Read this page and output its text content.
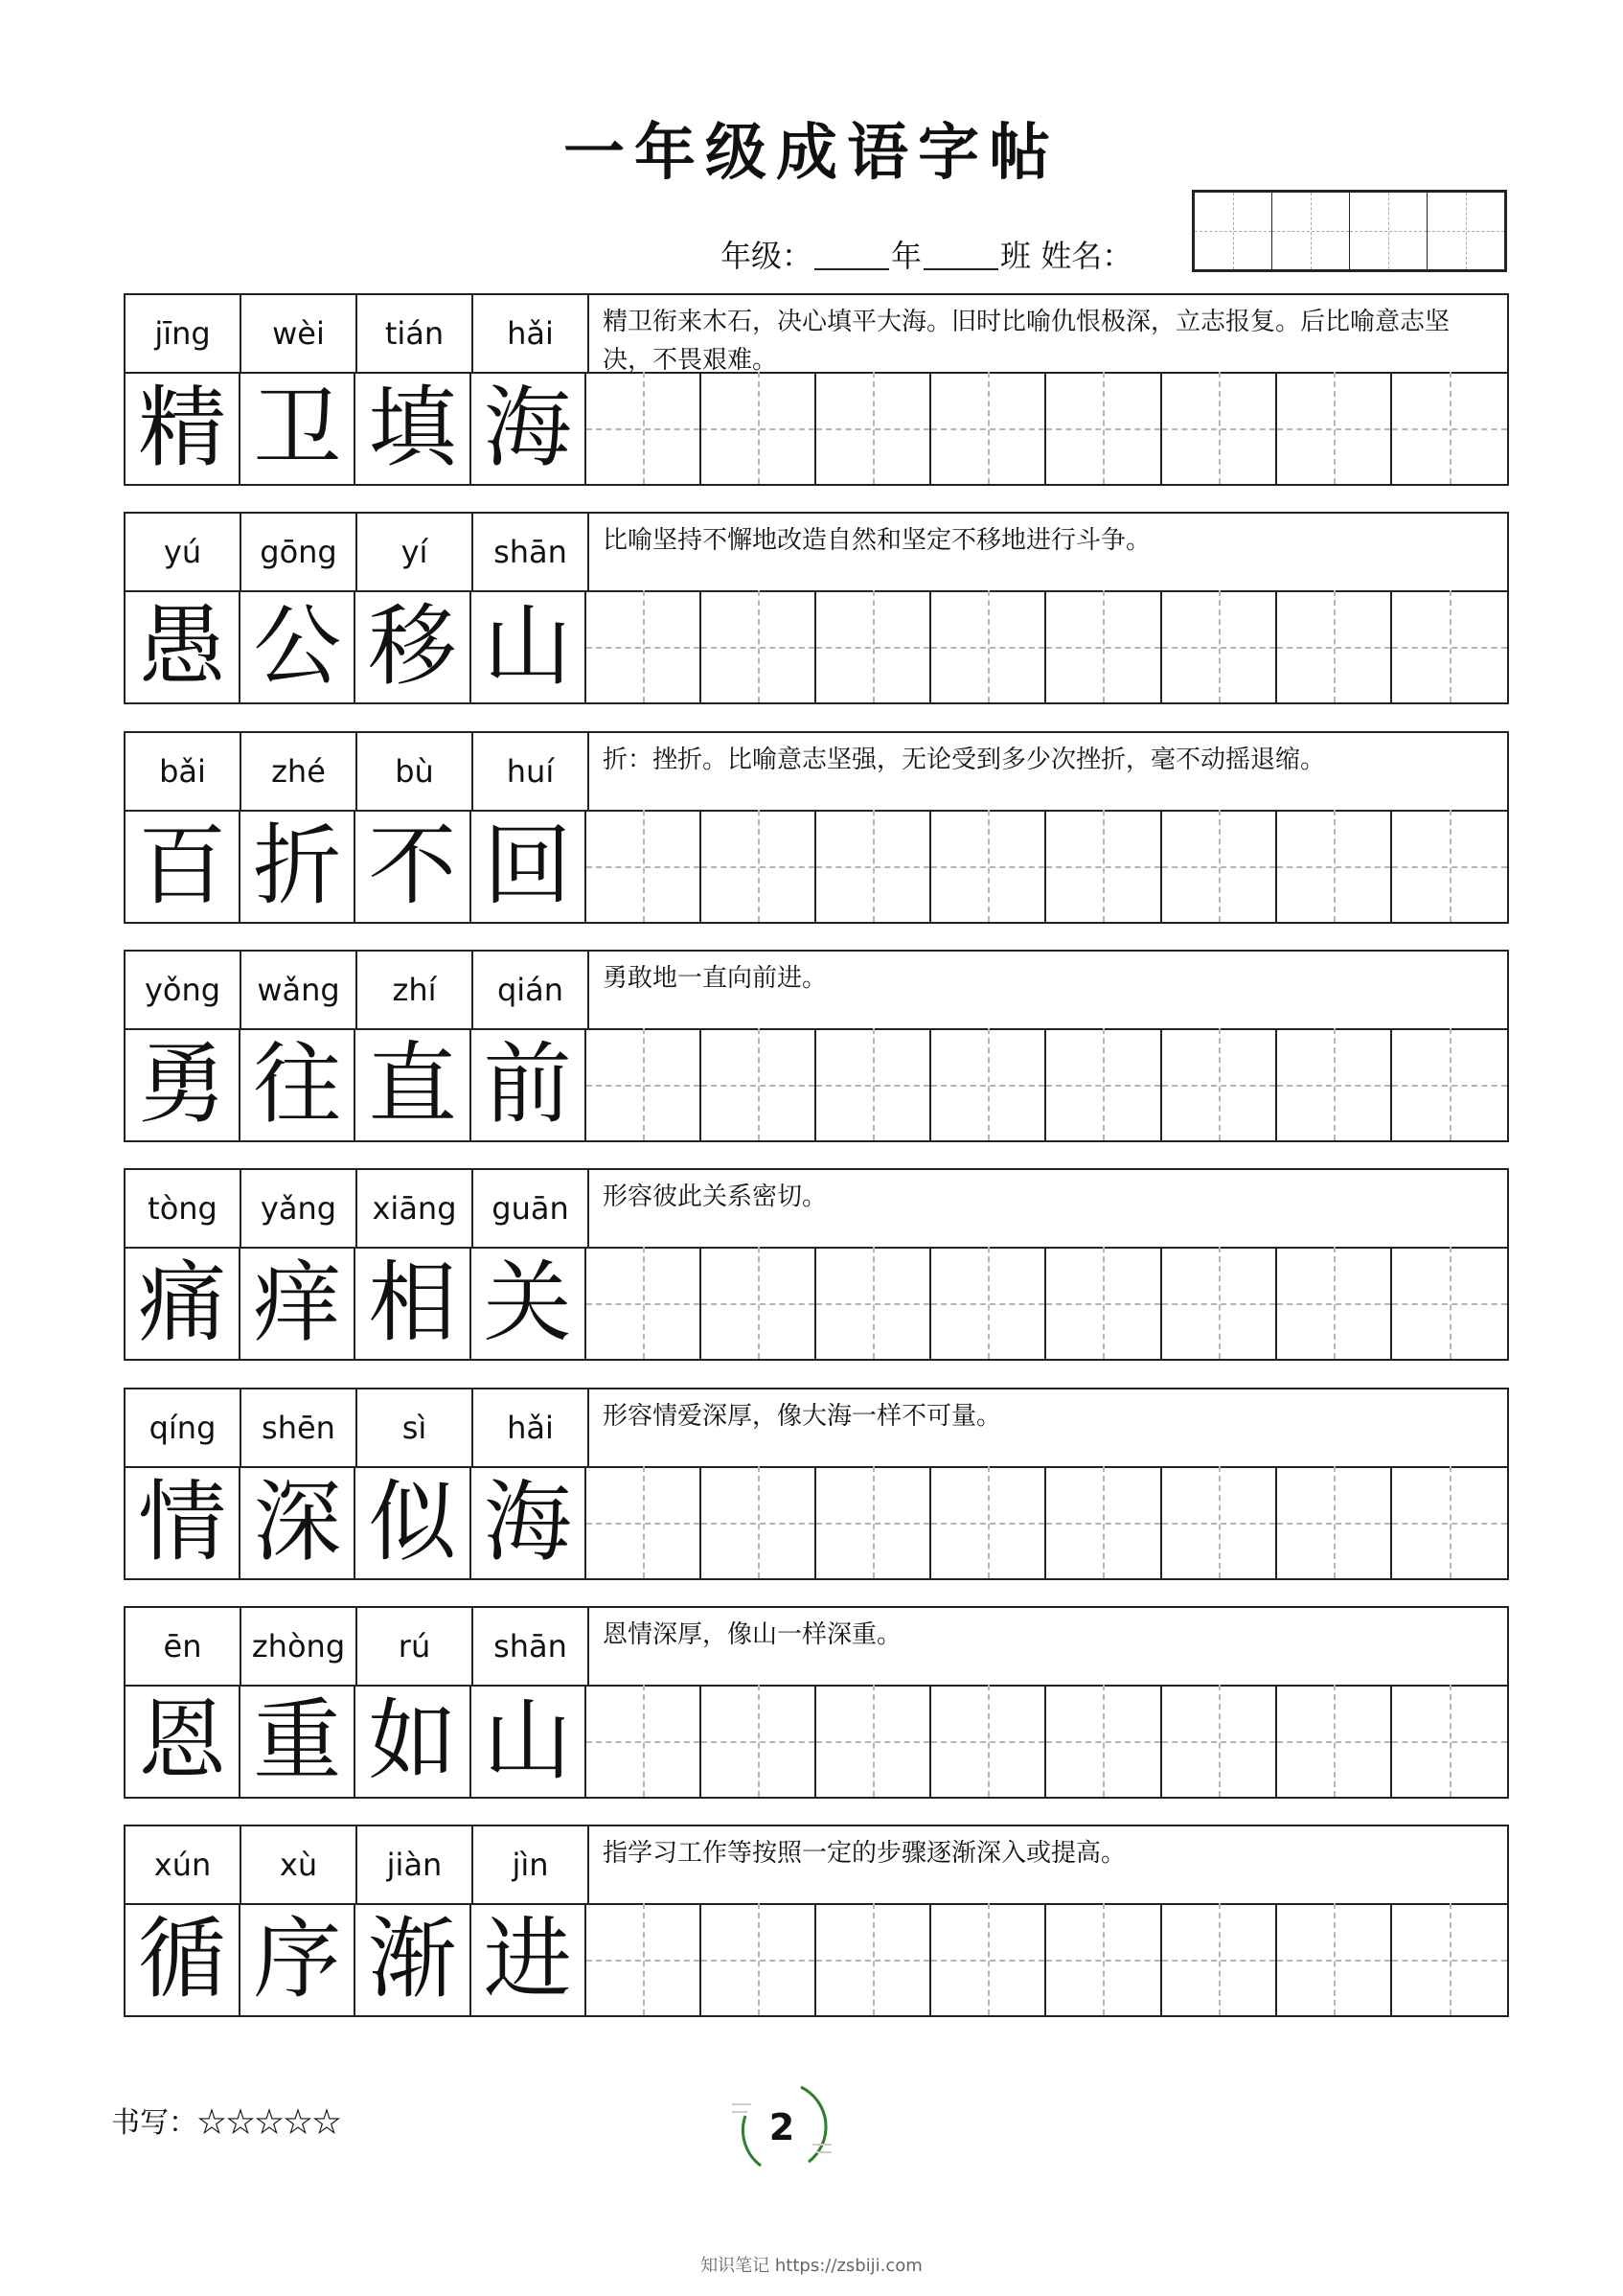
一年级成语字帖
年级：	年	班 姓名：
jīng	wèi	tián	hǎi	精卫衔来木石，决心填平大海。旧时比喻仇恨极深，立志报复。后比喻意志坚决，不畏艰难。
精 卫 填 海
yú	gōng	yí	shān	比喻坚持不懈地改造自然和坚定不移地进行斗争。
愚 公 移 山
bǎi	zhé	bù	huí	折：挫折。比喻意志坚强，无论受到多少次挫折，毫不动摇退缩。
百 折 不 回
yǒng	wǎng	zhí	qián	勇敢地一直向前进。
勇 往 直 前
tòng	yǎng	xiāng	guān	形容彼此关系密切。
痛 痒 相 关
qíng	shēn	sì	hǎi	形容情爱深厚，像大海一样不可量。
情 深 似 海
ēn	zhòng	rú	shān	恩情深厚，像山一样深重。
恩 重 如 山
xún	xù	jiàn	jìn	指学习工作等按照一定的步骤逐渐深入或提高。
循 序 渐 进
书写：☆☆☆☆☆	2
知识笔记 https://zsbiji.com
